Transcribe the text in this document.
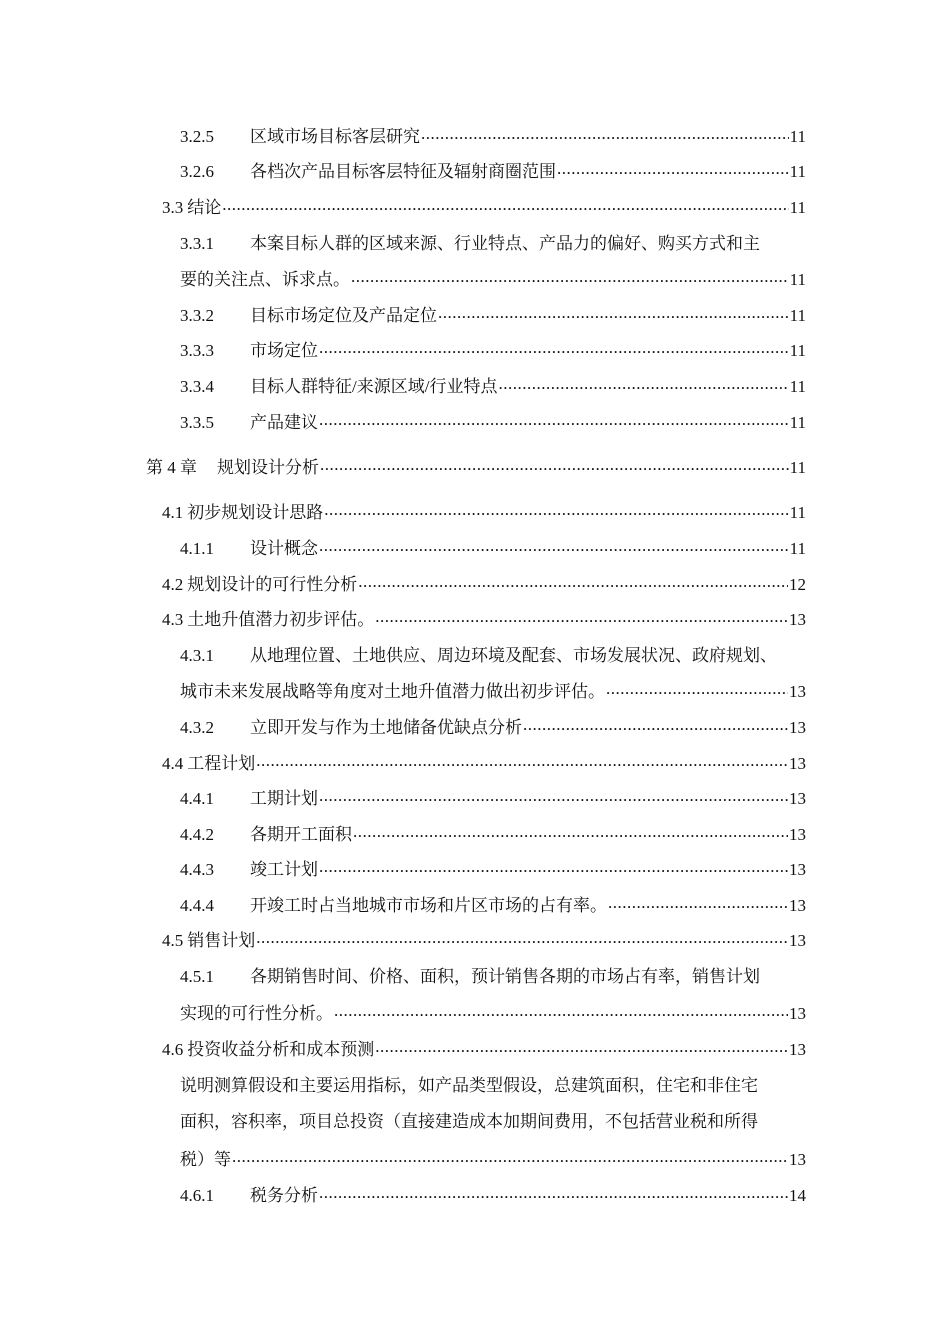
3.2.5	区域市场目标客层研究 .....	11
3.2.6	各档次产品目标客层特征及辐射商圈范围 .....	11
3.3 结论 .....	11
3.3.1	本案目标人群的区域来源、行业特点、产品力的偏好、购买方式和主
要的关注点、诉求点。 .....	11
3.3.2	目标市场定位及产品定位 .....	11
3.3.3	市场定位 .....	11
3.3.4	目标人群特征/来源区域/行业特点 .....	11
3.3.5	产品建议 .....	11
第 4 章 规划设计分析 .....	11
4.1 初步规划设计思路 .....	11
4.1.1	设计概念 .....	11
4.2 规划设计的可行性分析 .....	12
4.3 土地升值潜力初步评估。 .....	13
4.3.1	从地理位置、土地供应、周边环境及配套、市场发展状况、政府规划、
城市未来发展战略等角度对土地升值潜力做出初步评估。 .....	13
4.3.2	立即开发与作为土地储备优缺点分析 .....	13
4.4 工程计划 .....	13
4.4.1	工期计划 .....	13
4.4.2	各期开工面积 .....	13
4.4.3	竣工计划 .....	13
4.4.4	开竣工时占当地城市市场和片区市场的占有率。 .....	13
4.5 销售计划 .....	13
4.5.1	各期销售时间、价格、面积，预计销售各期的市场占有率，销售计划
实现的可行性分析。 .....	13
4.6 投资收益分析和成本预测 .....	13
说明测算假设和主要运用指标，如产品类型假设，总建筑面积，住宅和非住宅
面积，容积率，项目总投资（直接建造成本加期间费用，不包括营业税和所得
税）等 .....	13
4.6.1	税务分析 .....	14
